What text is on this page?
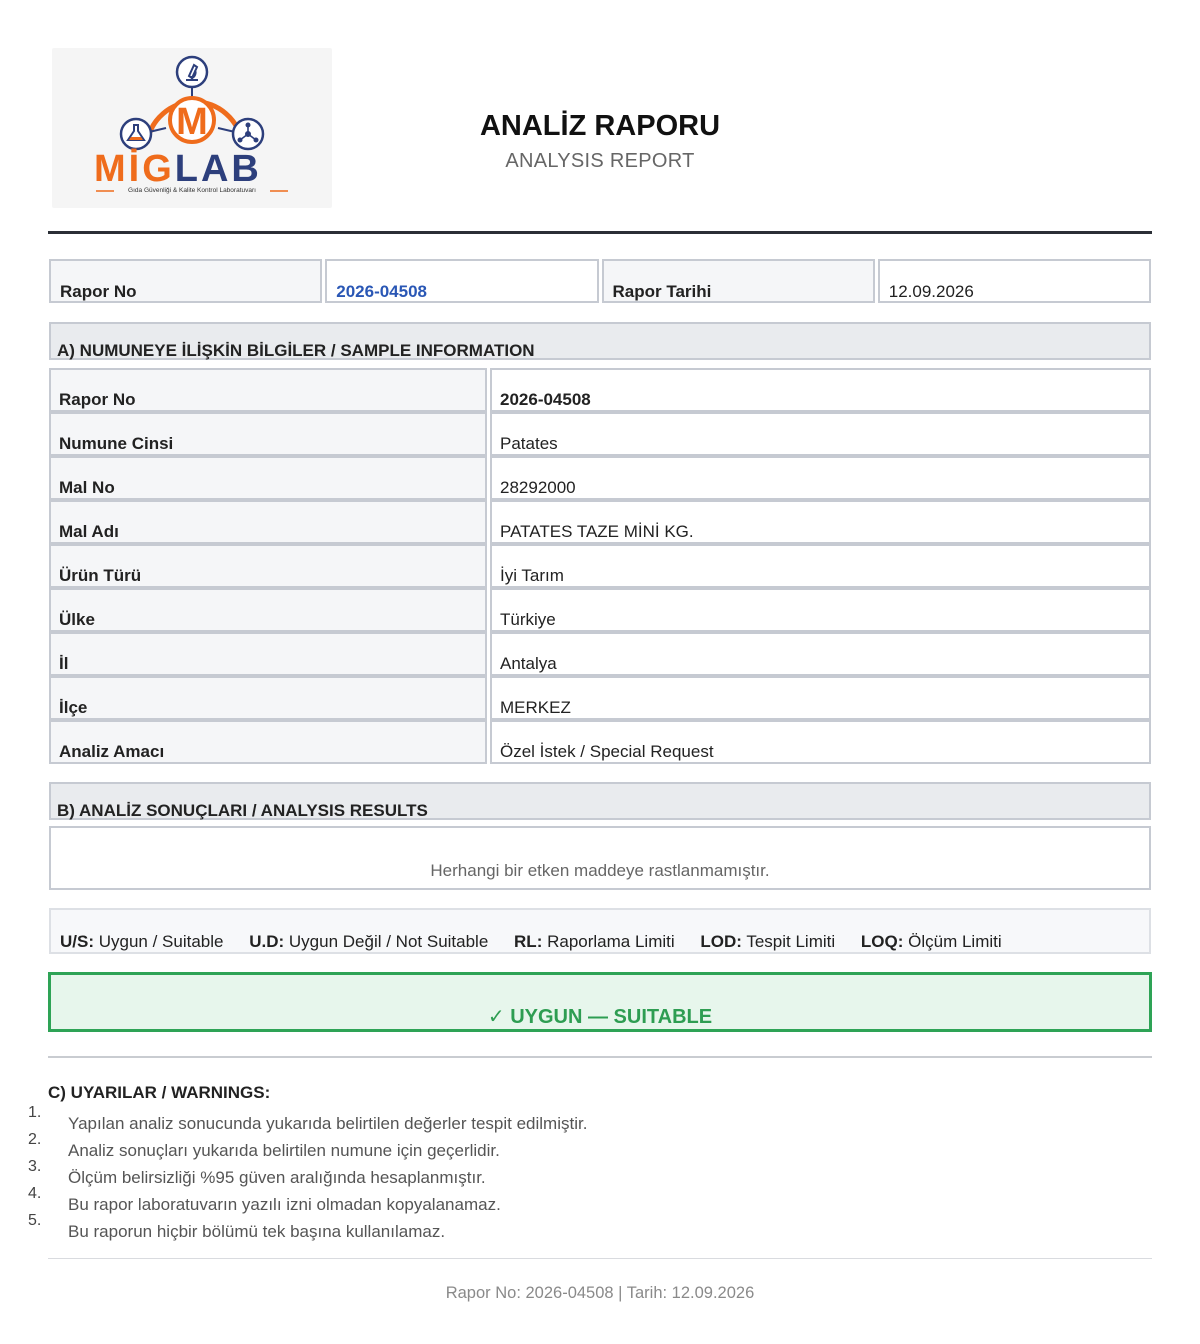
M
MİGLAB
Gıda Güvenliği & Kalite Kontrol Laboratuvarı
ANALİZ RAPORU
ANALYSIS REPORT
Rapor No	2026-04508	Rapor Tarihi	12.09.2026
A) NUMUNEYE İLİŞKİN BİLGİLER / SAMPLE INFORMATION
Rapor No	2026-04508
Numune Cinsi	Patates
Mal No	28292000
Mal Adı	PATATES TAZE MİNİ KG.
Ürün Türü	İyi Tarım
Ülke	Türkiye
İl	Antalya
İlçe	MERKEZ
Analiz Amacı	Özel İstek / Special Request
B) ANALİZ SONUÇLARI / ANALYSIS RESULTS
Herhangi bir etken maddeye rastlanmamıştır.
U/S: Uygun / Suitable U.D: Uygun Değil / Not Suitable RL: Raporlama Limiti LOD: Tespit Limiti LOQ: Ölçüm Limiti
✓ UYGUN — SUITABLE
C) UYARILAR / WARNINGS:
1.
Yapılan analiz sonucunda yukarıda belirtilen değerler tespit edilmiştir.
2.
Analiz sonuçları yukarıda belirtilen numune için geçerlidir.
3.
Ölçüm belirsizliği %95 güven aralığında hesaplanmıştır.
4.
Bu rapor laboratuvarın yazılı izni olmadan kopyalanamaz.
5.
Bu raporun hiçbir bölümü tek başına kullanılamaz.
Rapor No: 2026-04508 | Tarih: 12.09.2026
